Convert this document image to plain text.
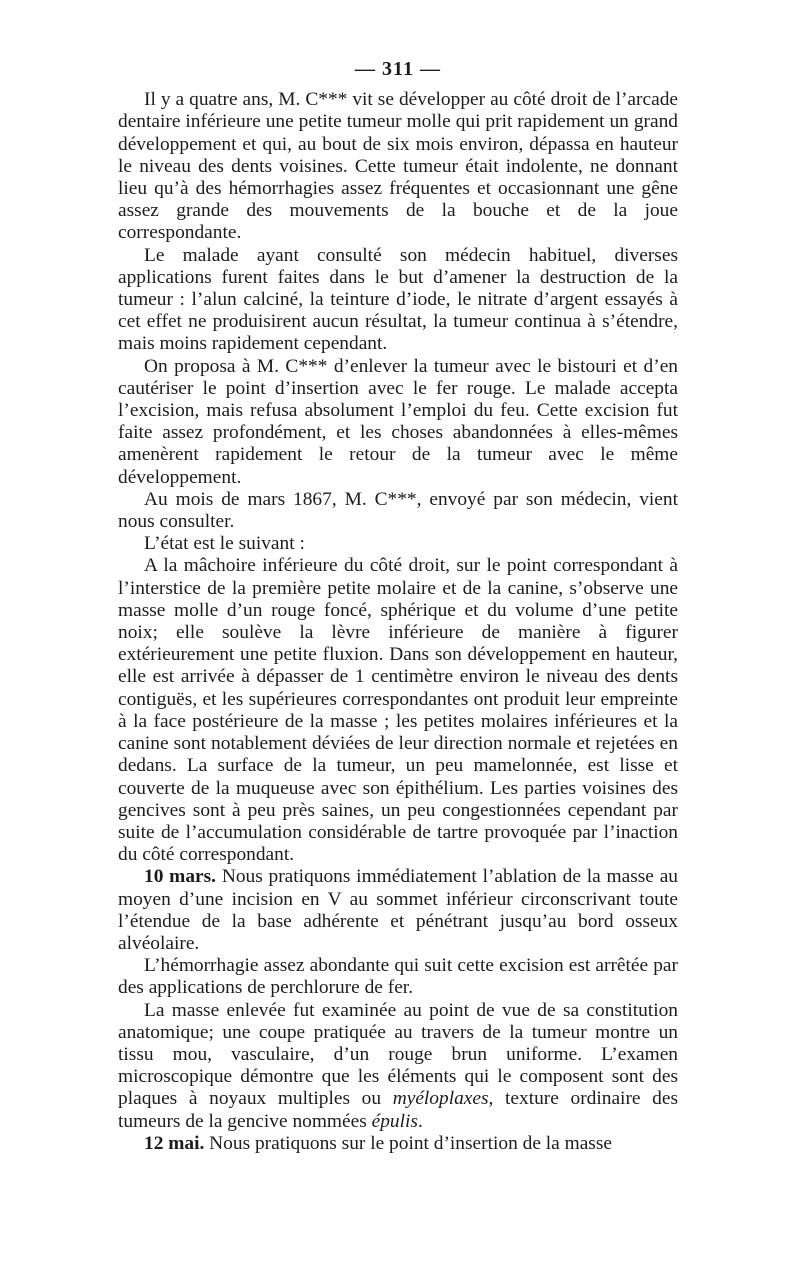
— 311 —

Il y a quatre ans, M. C*** vit se développer au côté droit de l’arcade dentaire inférieure une petite tumeur molle qui prit rapidement un grand développement et qui, au bout de six mois environ, dépassa en hauteur le niveau des dents voisines. Cette tumeur était indolente, ne donnant lieu qu’à des hémorrhagies assez fréquentes et occasionnant une gêne assez grande des mouvements de la bouche et de la joue correspondante.

Le malade ayant consulté son médecin habituel, diverses applications furent faites dans le but d’amener la destruction de la tumeur : l’alun calciné, la teinture d’iode, le nitrate d’argent essayés à cet effet ne produisirent aucun résultat, la tumeur continua à s’étendre, mais moins rapidement cependant.

On proposa à M. C*** d’enlever la tumeur avec le bistouri et d’en cautériser le point d’insertion avec le fer rouge. Le malade accepta l’excision, mais refusa absolument l’emploi du feu. Cette excision fut faite assez profondément, et les choses abandonnées à elles-mêmes amenèrent rapidement le retour de la tumeur avec le même développement.

Au mois de mars 1867, M. C***, envoyé par son médecin, vient nous consulter.

L’état est le suivant :

A la mâchoire inférieure du côté droit, sur le point correspondant à l’interstice de la première petite molaire et de la canine, s’observe une masse molle d’un rouge foncé, sphérique et du volume d’une petite noix; elle soulève la lèvre inférieure de manière à figurer extérieurement une petite fluxion. Dans son développement en hauteur, elle est arrivée à dépasser de 1 centimètre environ le niveau des dents contiguës, et les supérieures correspondantes ont produit leur empreinte à la face postérieure de la masse ; les petites molaires inférieures et la canine sont notablement déviées de leur direction normale et rejetées en dedans. La surface de la tumeur, un peu mamelonnée, est lisse et couverte de la muqueuse avec son épithélium. Les parties voisines des gencives sont à peu près saines, un peu congestionnées cependant par suite de l’accumulation considérable de tartre provoquée par l’inaction du côté correspondant.

10 mars. Nous pratiquons immédiatement l’ablation de la masse au moyen d’une incision en V au sommet inférieur circonscrivant toute l’étendue de la base adhérente et pénétrant jusqu’au bord osseux alvéolaire.

L’hémorrhagie assez abondante qui suit cette excision est arrêtée par des applications de perchlorure de fer.

La masse enlevée fut examinée au point de vue de sa constitution anatomique; une coupe pratiquée au travers de la tumeur montre un tissu mou, vasculaire, d’un rouge brun uniforme. L’examen microscopique démontre que les éléments qui le composent sont des plaques à noyaux multiples ou myéloplaxes, texture ordinaire des tumeurs de la gencive nommées épulis.

12 mai. Nous pratiquons sur le point d’insertion de la masse
